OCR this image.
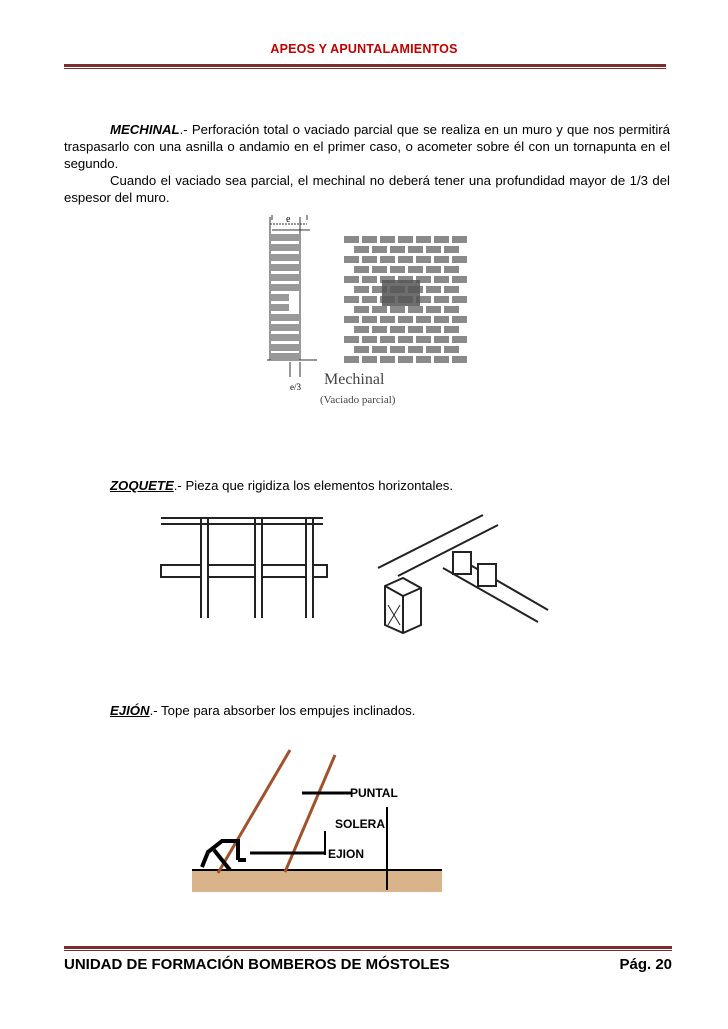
APEOS Y APUNTALAMIENTOS

MECHINAL.- Perforación total o vaciado parcial que se realiza en un muro y que nos permitirá traspasarlo con una asnilla o andamio en el primer caso, o acometer sobre él con un tornapunta en el segundo.
Cuando el vaciado sea parcial, el mechinal no deberá tener una profundidad mayor de 1/3 del espesor del muro.

e
e/3 Mechinal
(Vaciado parcial)

ZOQUETE.- Pieza que rigidiza los elementos horizontales.

EJIÓN.- Tope para absorber los empujes inclinados.

PUNTAL
SOLERA
EJION
UNIDAD DE FORMACIÓN BOMBEROS DE MÓSTOLES	Pág. 20
